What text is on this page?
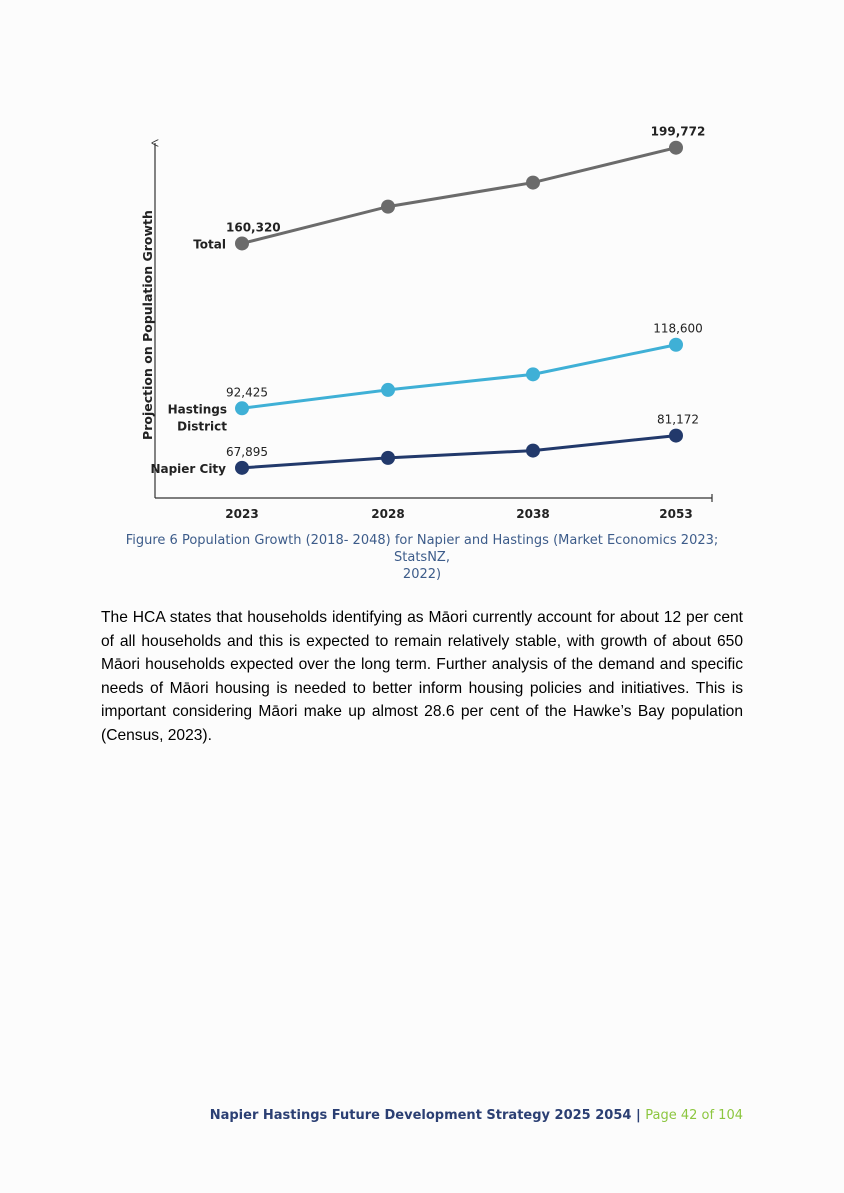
Projection on Population Growth	160,320
199,772
Total
92,425
118,600
Hastings
District
67,895
81,172
Napier City
2023	2028	2038	2053
Figure 6 Population Growth (2018- 2048) for Napier and Hastings (Market Economics 2023; StatsNZ,
2022)

The HCA states that households identifying as Māori currently account for about 12 per cent of all households and this is expected to remain relatively stable, with growth of about 650 Māori households expected over the long term. Further analysis of the demand and specific needs of Māori housing is needed to better inform housing policies and initiatives. This is important considering Māori make up almost 28.6 per cent of the Hawke’s Bay population (Census, 2023).

Napier Hastings Future Development Strategy 2025 2054 | Page 42 of 104
